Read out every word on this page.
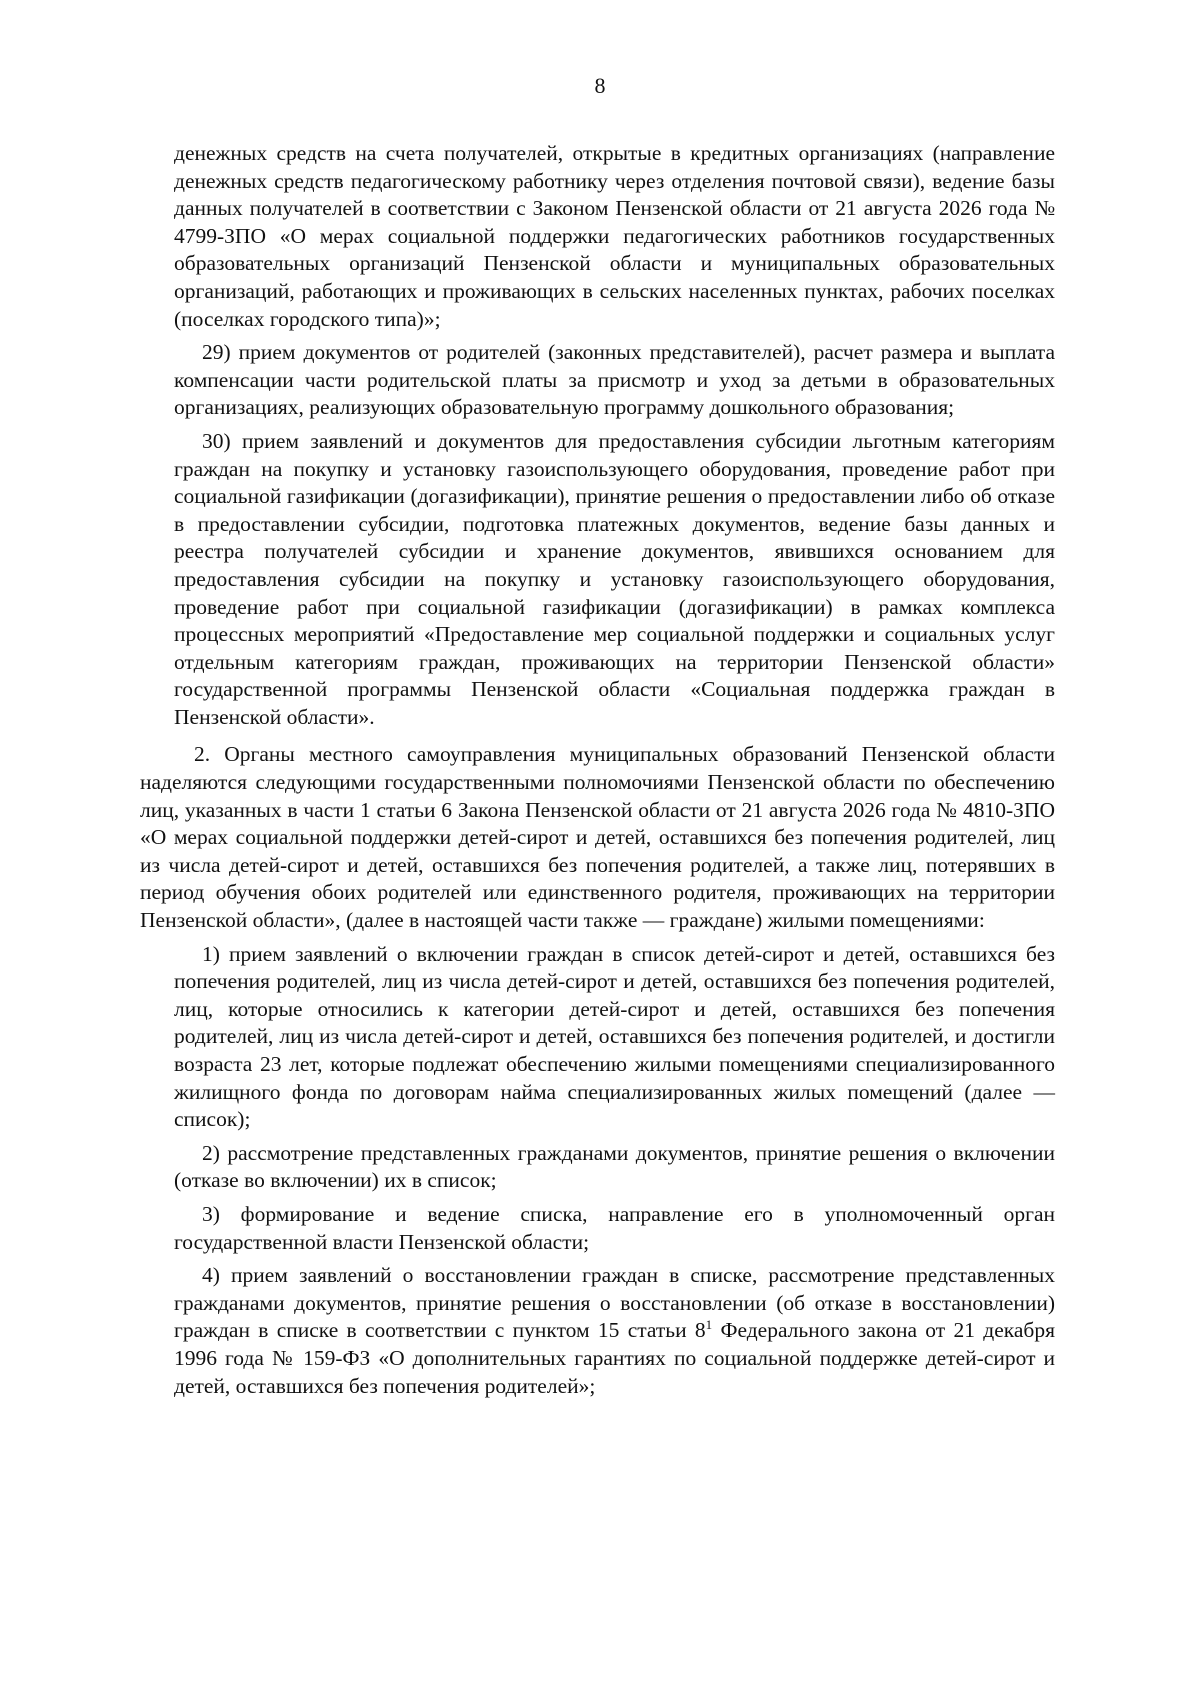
8

денежных средств на счета получателей, открытые в кредитных организациях (направление денежных средств педагогическому работнику через отделения почтовой связи), ведение базы данных получателей в соответствии с Законом Пензенской области от 21 августа 2026 года № 4799-ЗПО «О мерах социальной поддержки педагогических работников государственных образовательных организаций Пензенской области и муниципальных образовательных организаций, работающих и проживающих в сельских населенных пунктах, рабочих поселках (поселках городского типа)»;

29) прием документов от родителей (законных представителей), расчет размера и выплата компенсации части родительской платы за присмотр и уход за детьми в образовательных организациях, реализующих образовательную программу дошкольного образования;

30) прием заявлений и документов для предоставления субсидии льготным категориям граждан на покупку и установку газоиспользующего оборудования, проведение работ при социальной газификации (догазификации), принятие решения о предоставлении либо об отказе в предоставлении субсидии, подготовка платежных документов, ведение базы данных и реестра получателей субсидии и хранение документов, явившихся основанием для предоставления субсидии на покупку и установку газоиспользующего оборудования, проведение работ при социальной газификации (догазификации) в рамках комплекса процессных мероприятий «Предоставление мер социальной поддержки и социальных услуг отдельным категориям граждан, проживающих на территории Пензенской области» государственной программы Пензенской области «Социальная поддержка граждан в Пензенской области».

2. Органы местного самоуправления муниципальных образований Пензенской области наделяются следующими государственными полномочиями Пензенской области по обеспечению лиц, указанных в части 1 статьи 6 Закона Пензенской области от 21 августа 2026 года № 4810-ЗПО «О мерах социальной поддержки детей-сирот и детей, оставшихся без попечения родителей, лиц из числа детей-сирот и детей, оставшихся без попечения родителей, а также лиц, потерявших в период обучения обоих родителей или единственного родителя, проживающих на территории Пензенской области», (далее в настоящей части также — граждане) жилыми помещениями:

1) прием заявлений о включении граждан в список детей-сирот и детей, оставшихся без попечения родителей, лиц из числа детей-сирот и детей, оставшихся без попечения родителей, лиц, которые относились к категории детей-сирот и детей, оставшихся без попечения родителей, лиц из числа детей-сирот и детей, оставшихся без попечения родителей, и достигли возраста 23 лет, которые подлежат обеспечению жилыми помещениями специализированного жилищного фонда по договорам найма специализированных жилых помещений (далее — список);

2) рассмотрение представленных гражданами документов, принятие решения о включении (отказе во включении) их в список;

3) формирование и ведение списка, направление его в уполномоченный орган государственной власти Пензенской области;

4) прием заявлений о восстановлении граждан в списке, рассмотрение представленных гражданами документов, принятие решения о восстановлении (об отказе в восстановлении) граждан в списке в соответствии с пунктом 15 статьи $8^1$ Федерального закона от 21 декабря 1996 года № 159-ФЗ «О дополнительных гарантиях по социальной поддержке детей-сирот и детей, оставшихся без попечения родителей»;
